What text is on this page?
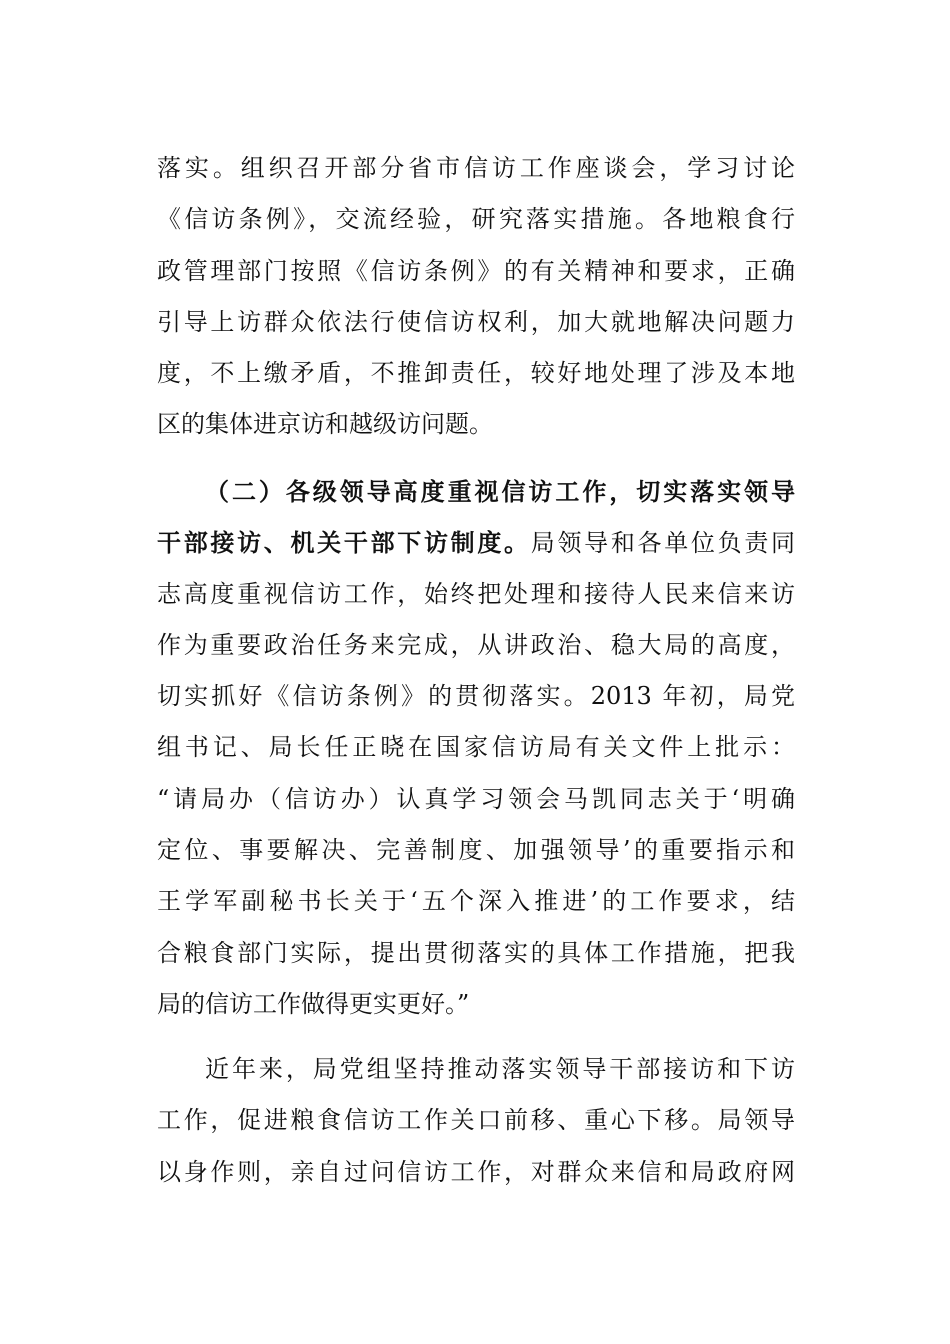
落实。组织召开部分省市信访工作座谈会，学习讨论
《信访条例》，交流经验，研究落实措施。各地粮食行
政管理部门按照《信访条例》的有关精神和要求，正确
引导上访群众依法行使信访权利，加大就地解决问题力
度，不上缴矛盾，不推卸责任，较好地处理了涉及本地
区的集体进京访和越级访问题。
（二）各级领导高度重视信访工作，切实落实领导
干部接访、机关干部下访制度。局领导和各单位负责同
志高度重视信访工作，始终把处理和接待人民来信来访
作为重要政治任务来完成，从讲政治、稳大局的高度，
切实抓好《信访条例》的贯彻落实。2013 年初，局党
组书记、局长任正晓在国家信访局有关文件上批示：
“请局办（信访办）认真学习领会马凯同志关于‘明确
定位、事要解决、完善制度、加强领导’的重要指示和
王学军副秘书长关于‘五个深入推进’的工作要求，结
合粮食部门实际，提出贯彻落实的具体工作措施，把我
局的信访工作做得更实更好。”
近年来，局党组坚持推动落实领导干部接访和下访
工作，促进粮食信访工作关口前移、重心下移。局领导
以身作则，亲自过问信访工作，对群众来信和局政府网
